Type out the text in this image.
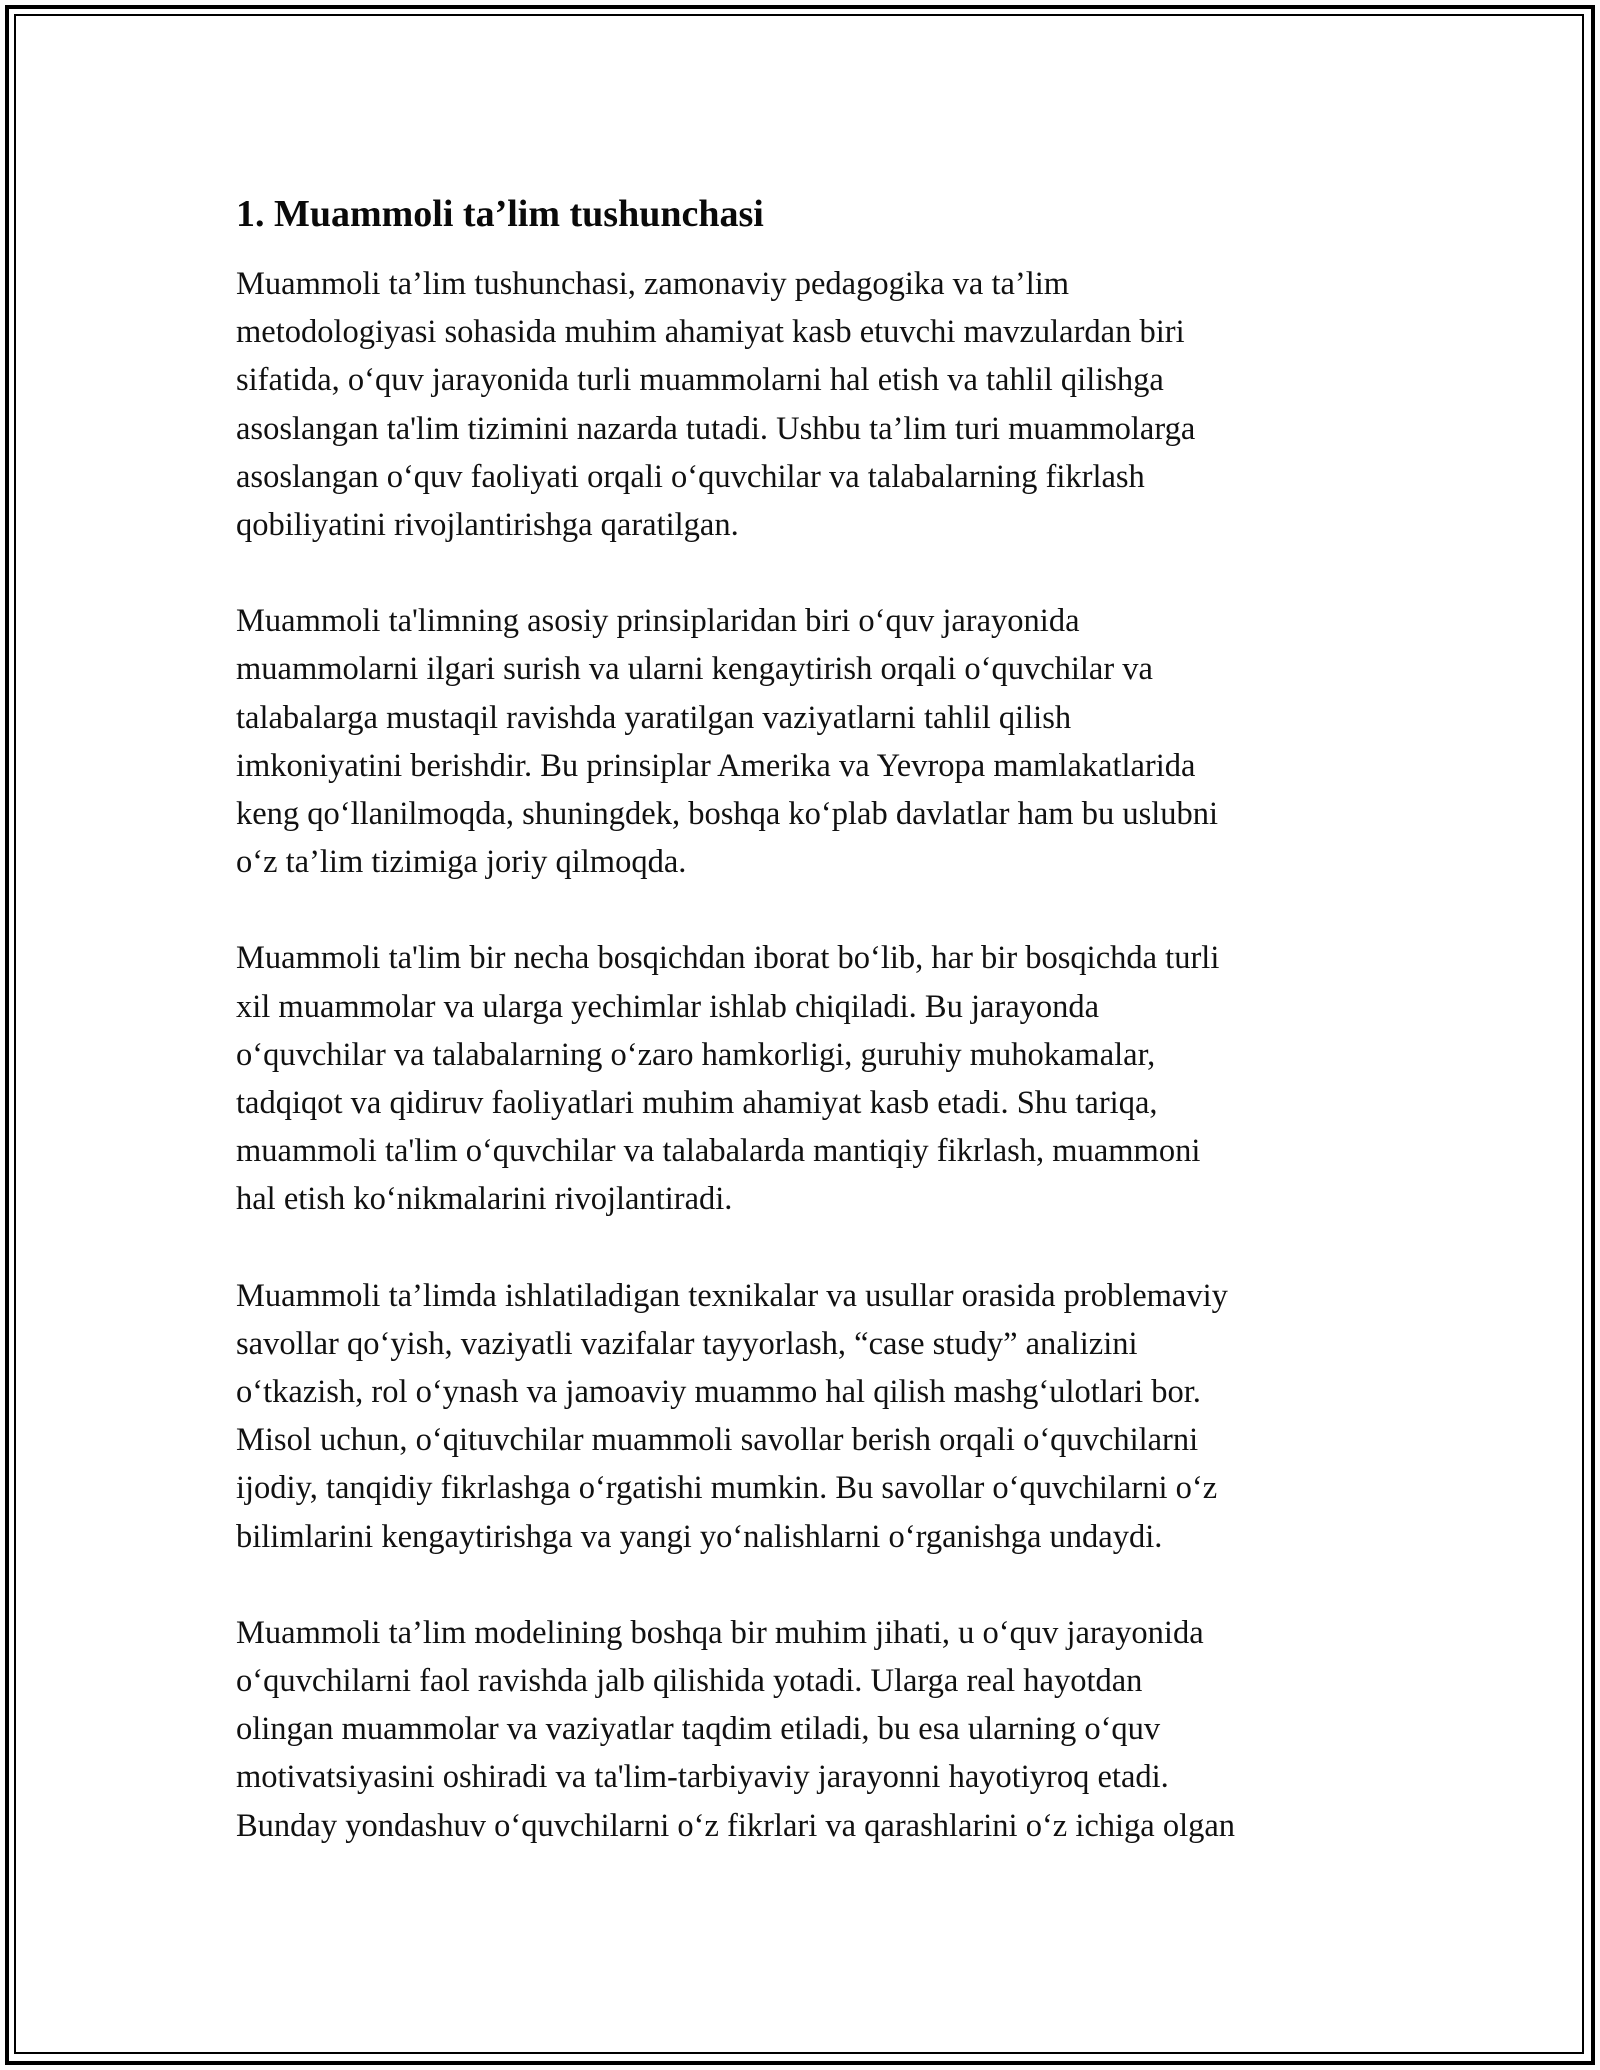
1. Muammoli ta’lim tushunchasi

Muammoli ta’lim tushunchasi, zamonaviy pedagogika va ta’lim
metodologiyasi sohasida muhim ahamiyat kasb etuvchi mavzulardan biri
sifatida, o‘quv jarayonida turli muammolarni hal etish va tahlil qilishga
asoslangan ta'lim tizimini nazarda tutadi. Ushbu ta’lim turi muammolarga
asoslangan o‘quv faoliyati orqali o‘quvchilar va talabalarning fikrlash
qobiliyatini rivojlantirishga qaratilgan.

Muammoli ta'limning asosiy prinsiplaridan biri o‘quv jarayonida
muammolarni ilgari surish va ularni kengaytirish orqali o‘quvchilar va
talabalarga mustaqil ravishda yaratilgan vaziyatlarni tahlil qilish
imkoniyatini berishdir. Bu prinsiplar Amerika va Yevropa mamlakatlarida
keng qo‘llanilmoqda, shuningdek, boshqa ko‘plab davlatlar ham bu uslubni
o‘z ta’lim tizimiga joriy qilmoqda.

Muammoli ta'lim bir necha bosqichdan iborat bo‘lib, har bir bosqichda turli
xil muammolar va ularga yechimlar ishlab chiqiladi. Bu jarayonda
o‘quvchilar va talabalarning o‘zaro hamkorligi, guruhiy muhokamalar,
tadqiqot va qidiruv faoliyatlari muhim ahamiyat kasb etadi. Shu tariqa,
muammoli ta'lim o‘quvchilar va talabalarda mantiqiy fikrlash, muammoni
hal etish ko‘nikmalarini rivojlantiradi.

Muammoli ta’limda ishlatiladigan texnikalar va usullar orasida problemaviy
savollar qo‘yish, vaziyatli vazifalar tayyorlash, “case study” analizini
o‘tkazish, rol o‘ynash va jamoaviy muammo hal qilish mashg‘ulotlari bor.
Misol uchun, o‘qituvchilar muammoli savollar berish orqali o‘quvchilarni
ijodiy, tanqidiy fikrlashga o‘rgatishi mumkin. Bu savollar o‘quvchilarni o‘z
bilimlarini kengaytirishga va yangi yo‘nalishlarni o‘rganishga undaydi.

Muammoli ta’lim modelining boshqa bir muhim jihati, u o‘quv jarayonida
o‘quvchilarni faol ravishda jalb qilishida yotadi. Ularga real hayotdan
olingan muammolar va vaziyatlar taqdim etiladi, bu esa ularning o‘quv
motivatsiyasini oshiradi va ta'lim-tarbiyaviy jarayonni hayotiyroq etadi.
Bunday yondashuv o‘quvchilarni o‘z fikrlari va qarashlarini o‘z ichiga olgan
